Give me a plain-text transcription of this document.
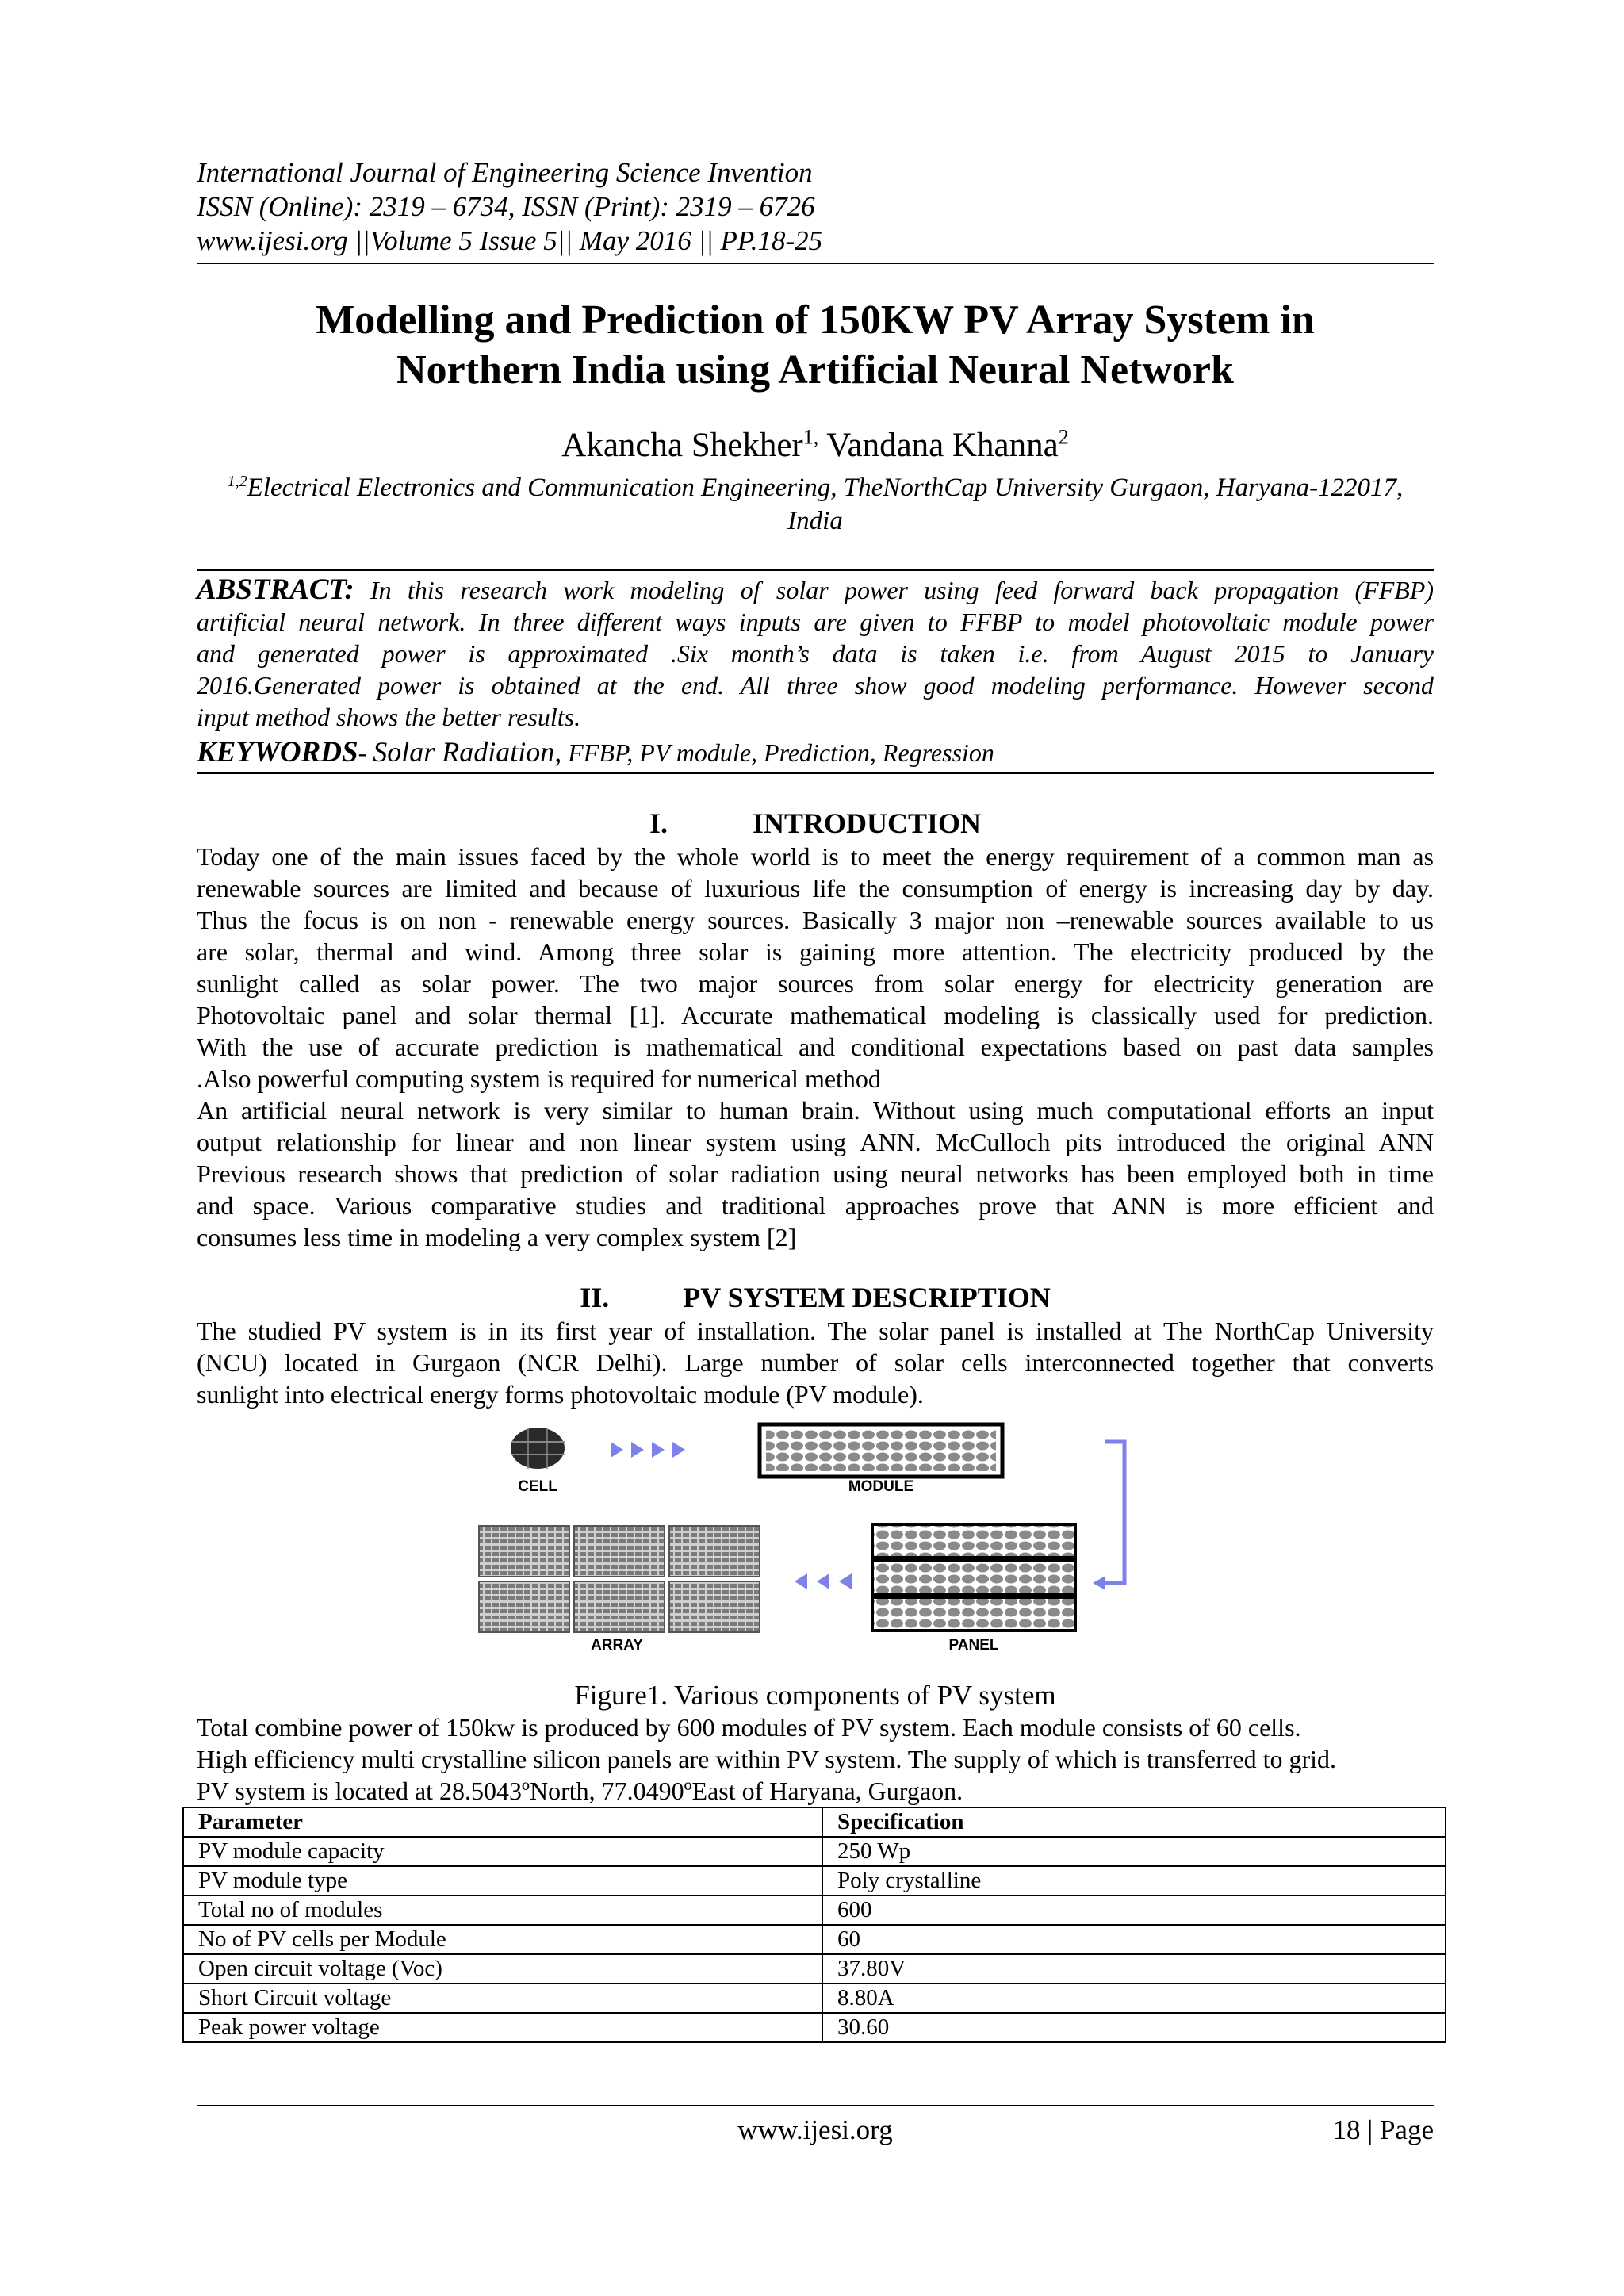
International Journal of Engineering Science Invention
ISSN (Online): 2319 – 6734, ISSN (Print): 2319 – 6726
www.ijesi.org ||Volume 5 Issue 5|| May 2016 || PP.18-25
Modelling and Prediction of 150KW PV Array System in
Northern India using Artificial Neural Network
Akancha Shekher$^{1,}$ Vandana Khanna$^2$
$^{1,2}$Electrical Electronics and Communication Engineering, TheNorthCap University Gurgaon, Haryana-122017,
India
ABSTRACT: In this research work modeling of solar power using feed forward back propagation (FFBP)
artificial neural network. In three different ways inputs are given to FFBP to model photovoltaic module power
and generated power is approximated .Six month’s data is taken i.e. from August 2015 to January
2016.Generated power is obtained at the end. All three show good modeling performance. However second
input method shows the better results.
KEYWORDS- Solar Radiation, FFBP, PV module, Prediction, Regression
I.	INTRODUCTION
Today one of the main issues faced by the whole world is to meet the energy requirement of a common man as
renewable sources are limited and because of luxurious life the consumption of energy is increasing day by day.
Thus the focus is on non - renewable energy sources. Basically 3 major non –renewable sources available to us
are solar, thermal and wind. Among three solar is gaining more attention. The electricity produced by the
sunlight called as solar power. The two major sources from solar energy for electricity generation are
Photovoltaic panel and solar thermal [1]. Accurate mathematical modeling is classically used for prediction.
With the use of accurate prediction is mathematical and conditional expectations based on past data samples
.Also powerful computing system is required for numerical method
An artificial neural network is very similar to human brain. Without using much computational efforts an input
output relationship for linear and non linear system using ANN. McCulloch pits introduced the original ANN
Previous research shows that prediction of solar radiation using neural networks has been employed both in time
and space. Various comparative studies and traditional approaches prove that ANN is more efficient and
consumes less time in modeling a very complex system [2]
II.	PV SYSTEM DESCRIPTION
The studied PV system is in its first year of installation. The solar panel is installed at The NorthCap University
(NCU) located in Gurgaon (NCR Delhi). Large number of solar cells interconnected together that converts
sunlight into electrical energy forms photovoltaic module (PV module).
CELL	MODULE
PANEL
ARRAY
Figure1. Various components of PV system
Total combine power of 150kw is produced by 600 modules of PV system. Each module consists of 60 cells.
High efficiency multi crystalline silicon panels are within PV system. The supply of which is transferred to grid.
PV system is located at 28.5043ºNorth, 77.0490ºEast of Haryana, Gurgaon.
Parameter	Specification
PV module capacity	250 Wp
PV module type	Poly crystalline
Total no of modules	600
No of PV cells per Module	60
Open circuit voltage (Voc)	37.80V
Short Circuit voltage	8.80A
Peak power voltage	30.60
www.ijesi.org	18 | Page
